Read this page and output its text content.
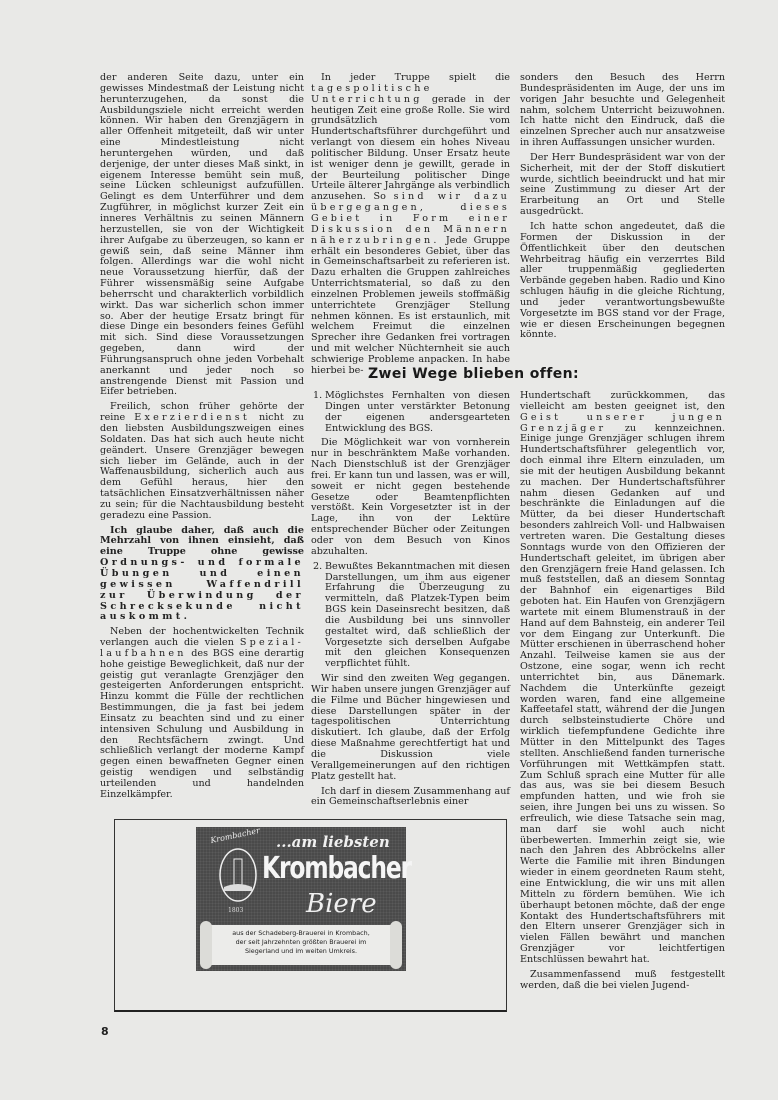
der anderen Seite dazu, unter ein gewisses Mindestmaß der Leistung nicht herunterzugehen, da sonst die Ausbildungsziele nicht erreicht werden können. Wir haben den Grenzjägern in aller Offenheit mitgeteilt, daß wir unter eine Mindestleistung nicht heruntergehen würden, und daß derjenige, der unter dieses Maß sinkt, in eigenem Interesse bemüht sein muß, seine Lücken schleunigst aufzufüllen. Gelingt es dem Unterführer und dem Zugführer, in möglichst kurzer Zeit ein inneres Verhältnis zu seinen Männern herzustellen, sie von der Wichtigkeit ihrer Aufgabe zu überzeugen, so kann er gewiß sein, daß seine Männer ihm folgen. Allerdings war die wohl nicht neue Voraussetzung hierfür, daß der Führer wissensmäßig seine Aufgabe beherrscht und charakterlich vorbildlich wirkt. Das war sicherlich schon immer so. Aber der heutige Ersatz bringt für diese Dinge ein besonders feines Gefühl mit sich. Sind diese Voraussetzungen gegeben, dann wird der Führungsanspruch ohne jeden Vorbehalt anerkannt und jeder noch so anstrengende Dienst mit Passion und Eifer betrieben.

Freilich, schon früher gehörte der reine Exerzierdienst nicht zu den liebsten Ausbildungszweigen eines Soldaten. Das hat sich auch heute nicht geändert. Unsere Grenzjäger bewegen sich lieber im Gelände, auch in der Waffenausbildung, sicherlich auch aus dem Gefühl heraus, hier den tatsächlichen Einsatzverhältnissen näher zu sein; für die Nachtausbildung besteht geradezu eine Passion.

Ich glaube daher, daß auch die Mehrzahl von ihnen einsieht, daß eine Truppe ohne gewisse Ordnungs- und formale Übungen und einen gewissen Waffendrill zur Überwindung der Schrecksekunde nicht auskommt.

Neben der hochentwickelten Technik verlangen auch die vielen Spezial-laufbahnen des BGS eine derartig hohe geistige Beweglichkeit, daß nur der geistig gut veranlagte Grenzjäger den gesteigerten Anforderungen entspricht. Hinzu kommt die Fülle der rechtlichen Bestimmungen, die ja fast bei jedem Einsatz zu beachten sind und zu einer intensiven Schulung und Ausbildung in den Rechtsfächern zwingt. Und schließlich verlangt der moderne Kampf gegen einen bewaffneten Gegner einen geistig wendigen und selbständig urteilenden und handelnden Einzelkämpfer.

In jeder Truppe spielt die tagespolitische Unterrichtung gerade in der heutigen Zeit eine große Rolle. Sie wird grundsätzlich vom Hundertschaftsführer durchgeführt und verlangt von diesem ein hohes Niveau politischer Bildung. Unser Ersatz heute ist weniger denn je gewillt, gerade in der Beurteilung politischer Dinge Urteile älterer Jahrgänge als verbindlich anzusehen. So sind wir dazu übergegangen, dieses Gebiet in Form einer Diskussion den Männern näherzubringen. Jede Gruppe erhält ein besonderes Gebiet, über das in Gemeinschaftsarbeit zu referieren ist. Dazu erhalten die Gruppen zahlreiches Unterrichtsmaterial, so daß zu den einzelnen Problemen jeweils stoffmäßig unterrichtete Grenzjäger Stellung nehmen können. Es ist erstaunlich, mit welchem Freimut die einzelnen Sprecher ihre Gedanken frei vortragen und mit welcher Nüchternheit sie auch schwierige Probleme anpacken. In habe hierbei be-

sonders den Besuch des Herrn Bundespräsidenten im Auge, der uns im vorigen Jahr besuchte und Gelegenheit nahm, solchem Unterricht beizuwohnen. Ich hatte nicht den Eindruck, daß die einzelnen Sprecher auch nur ansatzweise in ihren Auffassungen unsicher wurden.

Der Herr Bundespräsident war von der Sicherheit, mit der der Stoff diskutiert wurde, sichtlich beeindruckt und hat mir seine Zustimmung zu dieser Art der Erarbeitung an Ort und Stelle ausgedrückt.

Ich hatte schon angedeutet, daß die Formen der Diskussion in der Öffentlichkeit über den deutschen Wehrbeitrag häufig ein verzerrtes Bild aller truppenmäßig gegliederten Verbände gegeben haben. Radio und Kino schlugen häufig in die gleiche Richtung, und jeder verantwortungsbewußte Vorgesetzte im BGS stand vor der Frage, wie er diesen Erscheinungen begegnen könnte.

Zwei Wege blieben offen:
1. Möglichstes Fernhalten von diesen Dingen unter verstärkter Betonung der eigenen andersgearteten Entwicklung des BGS.

Die Möglichkeit war von vornherein nur in beschränktem Maße vorhanden. Nach Dienstschluß ist der Grenzjäger frei. Er kann tun und lassen, was er will, soweit er nicht gegen bestehende Gesetze oder Beamtenpflichten verstößt. Kein Vorgesetzter ist in der Lage, ihn von der Lektüre entsprechender Bücher oder Zeitungen oder von dem Besuch von Kinos abzuhalten.

2. Bewußtes Bekanntmachen mit diesen Darstellungen, um ihm aus eigener Erfahrung die Überzeugung zu vermitteln, daß Platzek-Typen beim BGS kein Daseinsrecht besitzen, daß die Ausbildung bei uns sinnvoller gestaltet wird, daß schließlich der Vorgesetzte sich derselben Aufgabe mit den gleichen Konsequenzen verpflichtet fühlt.

Wir sind den zweiten Weg gegangen. Wir haben unsere jungen Grenzjäger auf die Filme und Bücher hingewiesen und diese Darstellungen später in der tagespolitischen Unterrichtung diskutiert. Ich glaube, daß der Erfolg diese Maßnahme gerechtfertigt hat und die Diskussion viele Verallgemeinerungen auf den richtigen Platz gestellt hat.

Ich darf in diesem Zusammenhang auf ein Gemeinschaftserlebnis einer

Hundertschaft zurückkommen, das vielleicht am besten geeignet ist, den Geist unserer jungen Grenzjäger zu kennzeichnen. Einige junge Grenzjäger schlugen ihrem Hundertschaftsführer gelegentlich vor, doch einmal ihre Eltern einzuladen, um sie mit der heutigen Ausbildung bekannt zu machen. Der Hundertschaftsführer nahm diesen Gedanken auf und beschränkte die Einladungen auf die Mütter, da bei dieser Hundertschaft besonders zahlreich Voll- und Halbwaisen vertreten waren. Die Gestaltung dieses Sonntags wurde von den Offizieren der Hundertschaft geleitet, im übrigen aber den Grenzjägern freie Hand gelassen. Ich muß feststellen, daß an diesem Sonntag der Bahnhof ein eigenartiges Bild geboten hat. Ein Haufen von Grenzjägern wartete mit einem Blumenstrauß in der Hand auf dem Bahnsteig, ein anderer Teil vor dem Eingang zur Unterkunft. Die Mütter erschienen in überraschend hoher Anzahl. Teilweise kamen sie aus der Ostzone, eine sogar, wenn ich recht unterrichtet bin, aus Dänemark. Nachdem die Unterkünfte gezeigt worden waren, fand eine allgemeine Kaffeetafel statt, während der die Jungen durch selbsteinstudierte Chöre und wirklich tiefempfundene Gedichte ihre Mütter in den Mittelpunkt des Tages stellten. Anschließend fanden turnerische Vorführungen mit Wettkämpfen statt. Zum Schluß sprach eine Mutter für alle das aus, was sie bei diesem Besuch empfunden hatten, und wie froh sie seien, ihre Jungen bei uns zu wissen. So erfreulich, wie diese Tatsache sein mag, man darf sie wohl auch nicht überbewerten. Immerhin zeigt sie, wie nach den Jahren des Abbröckelns aller Werte die Familie mit ihren Bindungen wieder in einem geordneten Raum steht, eine Entwicklung, die wir uns mit allen Mitteln zu fördern bemühen. Wie ich überhaupt betonen möchte, daß der enge Kontakt des Hundertschaftsführers mit den Eltern unserer Grenzjäger sich in vielen Fällen bewährt und manchen Grenzjäger vor leichtfertigen Entschlüssen bewahrt hat.

Zusammenfassend muß festgestellt werden, daß die bei vielen Jugend-

Krombacher
1803
...am liebsten
Krombacher
Biere
aus der Schadeberg-Brauerei in Krombach,
der seit Jahrzehnten größten Brauerei im
Siegerland und im weiten Umkreis.
8
